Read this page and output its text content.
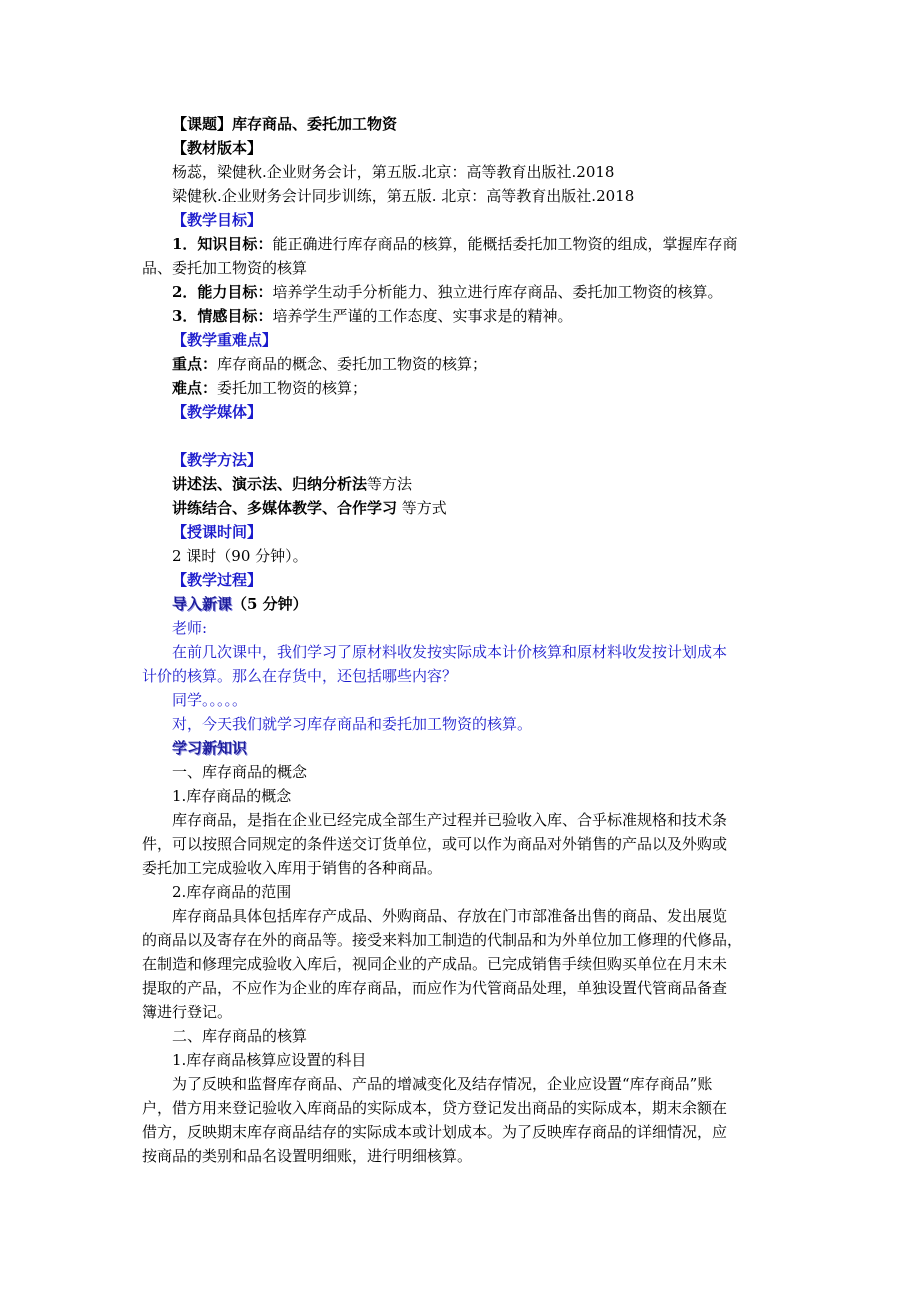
【课题】库存商品、委托加工物资
【教材版本】
杨蕊，梁健秋.企业财务会计，第五版.北京：高等教育出版社.2018
梁健秋.企业财务会计同步训练，第五版. 北京：高等教育出版社.2018
【教学目标】
1．知识目标：能正确进行库存商品的核算，能概括委托加工物资的组成，掌握库存商
品、委托加工物资的核算
2．能力目标：培养学生动手分析能力、独立进行库存商品、委托加工物资的核算。
3．情感目标：培养学生严谨的工作态度、实事求是的精神。
【教学重难点】
重点：库存商品的概念、委托加工物资的核算；
难点：委托加工物资的核算；
【教学媒体】
【教学方法】
讲述法、演示法、归纳分析法等方法
讲练结合、多媒体教学、合作学习 等方式
【授课时间】
2 课时（90 分钟）。
【教学过程】
导入新课（5 分钟）
老师:
在前几次课中，我们学习了原材料收发按实际成本计价核算和原材料收发按计划成本
计价的核算。那么在存货中，还包括哪些内容？
同学。。。。。
对，今天我们就学习库存商品和委托加工物资的核算。
学习新知识
一、库存商品的概念
1.库存商品的概念
库存商品，是指在企业已经完成全部生产过程并已验收入库、合乎标准规格和技术条
件，可以按照合同规定的条件送交订货单位，或可以作为商品对外销售的产品以及外购或
委托加工完成验收入库用于销售的各种商品。
2.库存商品的范围
库存商品具体包括库存产成品、外购商品、存放在门市部准备出售的商品、发出展览
的商品以及寄存在外的商品等。接受来料加工制造的代制品和为外单位加工修理的代修品，
在制造和修理完成验收入库后，视同企业的产成品。已完成销售手续但购买单位在月末未
提取的产品，不应作为企业的库存商品，而应作为代管商品处理，单独设置代管商品备查
簿进行登记。
二、库存商品的核算
1.库存商品核算应设置的科目
为了反映和监督库存商品、产品的增减变化及结存情况，企业应设置“库存商品”账
户，借方用来登记验收入库商品的实际成本，贷方登记发出商品的实际成本，期末余额在
借方，反映期末库存商品结存的实际成本或计划成本。为了反映库存商品的详细情况，应
按商品的类别和品名设置明细账，进行明细核算。
